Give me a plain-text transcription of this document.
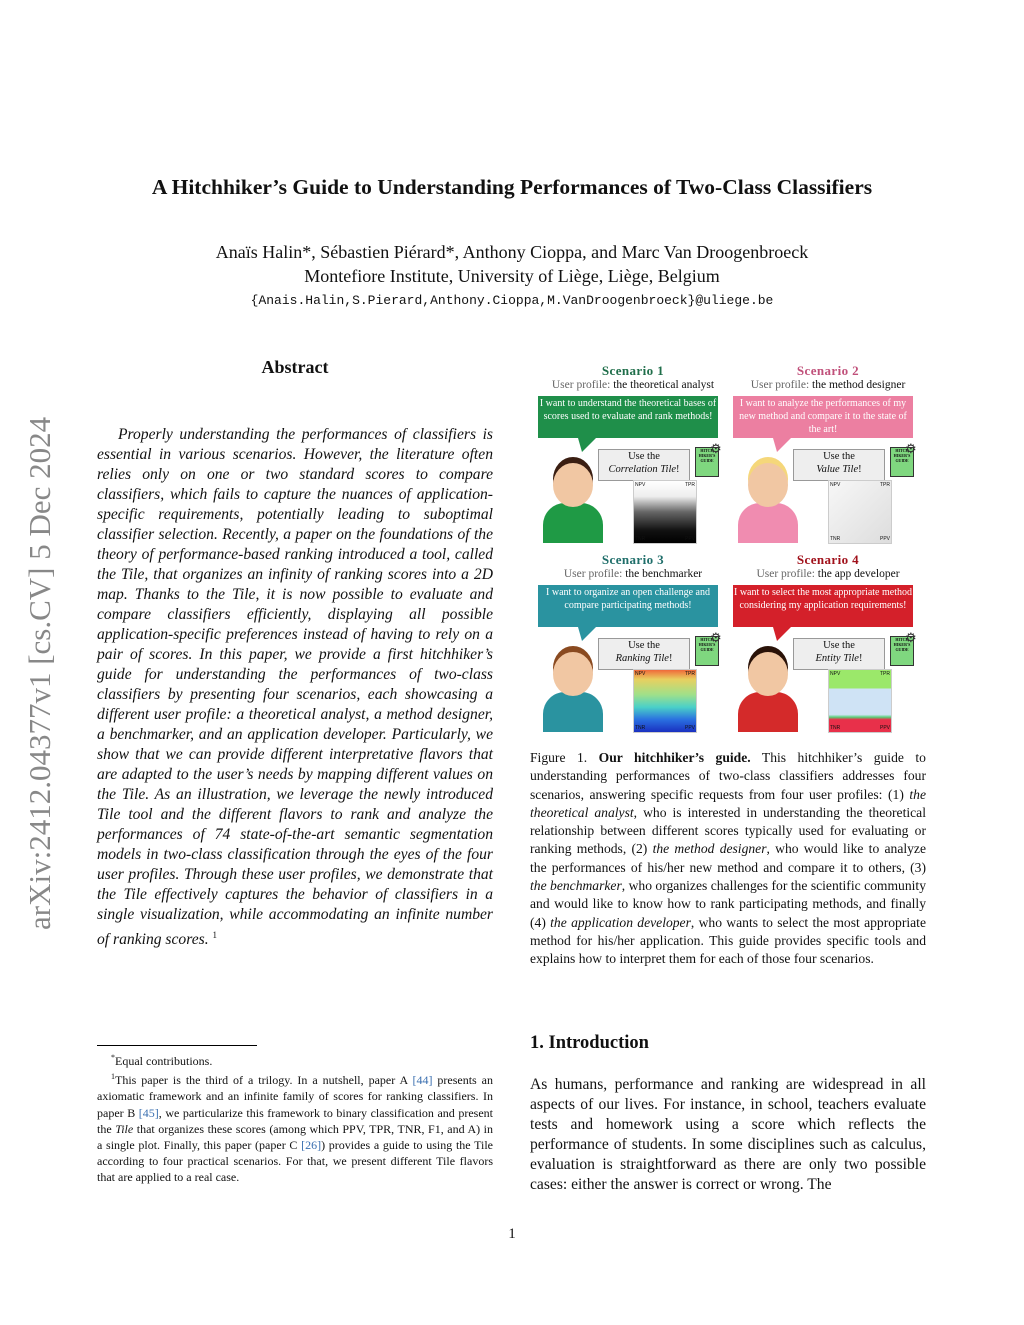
arXiv:2412.04377v1 [cs.CV] 5 Dec 2024
A Hitchhiker’s Guide to Understanding Performances of Two-Class Classifiers
Anaïs Halin*, Sébastien Piérard*, Anthony Cioppa, and Marc Van Droogenbroeck
Montefiore Institute, University of Liège, Liège, Belgium
{Anais.Halin,S.Pierard,Anthony.Cioppa,M.VanDroogenbroeck}@uliege.be
Abstract
Properly understanding the performances of classifiers is essential in various scenarios. However, the literature often relies only on one or two standard scores to compare classifiers, which fails to capture the nuances of application-specific requirements, potentially leading to suboptimal classifier selection. Recently, a paper on the foundations of the theory of performance-based ranking introduced a tool, called the Tile, that organizes an infinity of ranking scores into a 2D map. Thanks to the Tile, it is now possible to evaluate and compare classifiers efficiently, displaying all possible application-specific preferences instead of having to rely on a pair of scores. In this paper, we provide a first hitchhiker’s guide for understanding the performances of two-class classifiers by presenting four scenarios, each showcasing a different user profile: a theoretical analyst, a method designer, a benchmarker, and an application developer. Particularly, we show that we can provide different interpretative flavors that are adapted to the user’s needs by mapping different values on the Tile. As an illustration, we leverage the newly introduced Tile tool and the different flavors to rank and analyze the performances of 74 state-of-the-art semantic segmentation models in two-class classification through the eyes of the four user profiles. Through these user profiles, we demonstrate that the Tile effectively captures the behavior of classifiers in a single visualization, while accommodating an infinite number of ranking scores. $^1$

*Equal contributions.

$^1$This paper is the third of a trilogy. In a nutshell, paper A [44] presents an axiomatic framework and an infinite family of scores for ranking classifiers. In paper B [45], we particularize this framework to binary classification and present the Tile that organizes these scores (among which PPV, TPR, TNR, F1, and A) in a single plot. Finally, this paper (paper C [26]) provides a guide to using the Tile according to four practical scenarios. For that, we present different Tile flavors that are applied to a real case.

Scenario 1
User profile: the theoretical analyst
I want to understand the theoretical bases of scores used to evaluate and rank methods!
Use the
Correlation Tile!
HITCH HIKER'S GUIDE
⚙
NPV	TPR
TNR	PPV
Scenario 2
User profile: the method designer
I want to analyze the performances of my new method and compare it to the state of the art!
Use the
Value Tile!
HITCH HIKER'S GUIDE
⚙
NPV	TPR
TNR	PPV
Scenario 3
User profile: the benchmarker
I want to organize an open challenge and compare participating methods!
Use the
Ranking Tile!
HITCH HIKER'S GUIDE
⚙
NPV	TPR
TNR	PPV
Scenario 4
User profile: the app developer
I want to select the most appropriate method considering my application requirements!
Use the
Entity Tile!
HITCH HIKER'S GUIDE
⚙
NPV	TPR
TNR	PPV
Figure 1. Our hitchhiker’s guide. This hitchhiker’s guide to understanding performances of two-class classifiers addresses four scenarios, answering specific requests from four user profiles: (1) the theoretical analyst, who is interested in understanding the theoretical relationship between different scores typically used for evaluating or ranking methods, (2) the method designer, who would like to analyze the performances of his/her new method and compare it to others, (3) the benchmarker, who organizes challenges for the scientific community and would like to know how to rank participating methods, and finally (4) the application developer, who wants to select the most appropriate method for his/her application. This guide provides specific tools and explains how to interpret them for each of those four scenarios.
1. Introduction
As humans, performance and ranking are widespread in all aspects of our lives. For instance, in school, teachers evaluate tests and homework using a score which reflects the performance of students. In some disciplines such as calculus, evaluation is straightforward as there are only two possible cases: either the answer is correct or wrong. The
1
